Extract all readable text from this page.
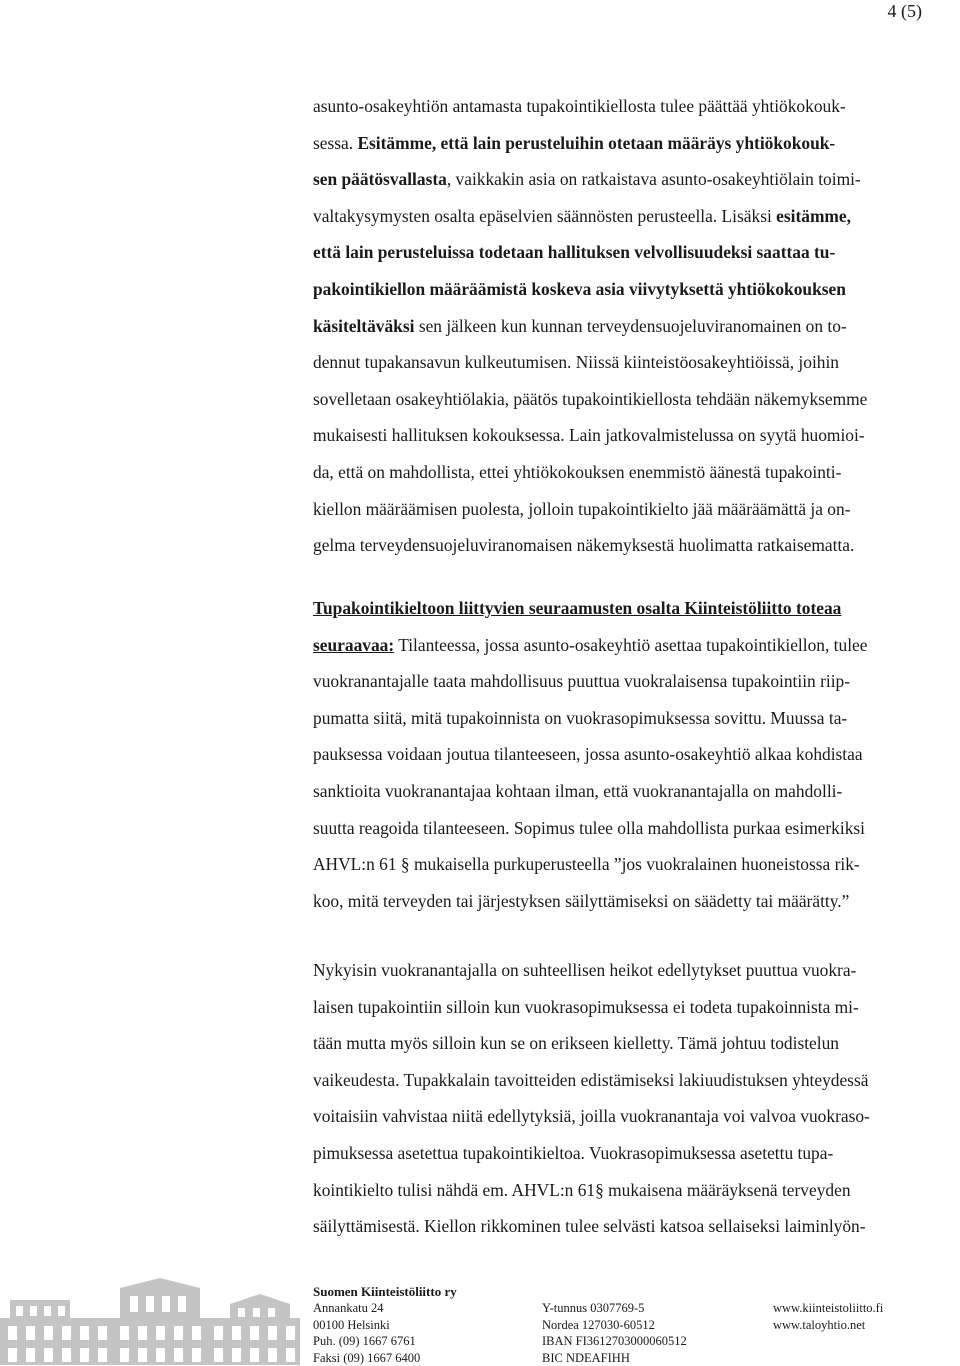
4 (5)

asunto-osakeyhtiön antamasta tupakointikiellosta tulee päättää yhtiökokouk-

sessa. Esitämme, että lain perusteluihin otetaan määräys yhtiökokouk-

sen päätösvallasta, vaikkakin asia on ratkaistava asunto-osakeyhtiölain toimi-

valtakysymysten osalta epäselvien säännösten perusteella. Lisäksi esitämme,

että lain perusteluissa todetaan hallituksen velvollisuudeksi saattaa tu-

pakointikiellon määräämistä koskeva asia viivytyksettä yhtiökokouksen

käsiteltäväksi sen jälkeen kun kunnan terveydensuojeluviranomainen on to-

dennut tupakansavun kulkeutumisen. Niissä kiinteistöosakeyhtiöissä, joihin

sovelletaan osakeyhtiölakia, päätös tupakointikiellosta tehdään näkemyksemme

mukaisesti hallituksen kokouksessa. Lain jatkovalmistelussa on syytä huomioi-

da, että on mahdollista, ettei yhtiökokouksen enemmistö äänestä tupakointi-

kiellon määräämisen puolesta, jolloin tupakointikielto jää määräämättä ja on-

gelma terveydensuojeluviranomaisen näkemyksestä huolimatta ratkaisematta.

Tupakointikieltoon liittyvien seuraamusten osalta Kiinteistöliitto toteaa

seuraavaa: Tilanteessa, jossa asunto-osakeyhtiö asettaa tupakointikiellon, tulee

vuokranantajalle taata mahdollisuus puuttua vuokralaisensa tupakointiin riip-

pumatta siitä, mitä tupakoinnista on vuokrasopimuksessa sovittu. Muussa ta-

pauksessa voidaan joutua tilanteeseen, jossa asunto-osakeyhtiö alkaa kohdistaa

sanktioita vuokranantajaa kohtaan ilman, että vuokranantajalla on mahdolli-

suutta reagoida tilanteeseen. Sopimus tulee olla mahdollista purkaa esimerkiksi

AHVL:n 61 § mukaisella purkuperusteella ”jos vuokralainen huoneistossa rik-

koo, mitä terveyden tai järjestyksen säilyttämiseksi on säädetty tai määrätty.”

Nykyisin vuokranantajalla on suhteellisen heikot edellytykset puuttua vuokra-

laisen tupakointiin silloin kun vuokrasopimuksessa ei todeta tupakoinnista mi-

tään mutta myös silloin kun se on erikseen kielletty. Tämä johtuu todistelun

vaikeudesta. Tupakkalain tavoitteiden edistämiseksi lakiuudistuksen yhteydessä

voitaisiin vahvistaa niitä edellytyksiä, joilla vuokranantaja voi valvoa vuokraso-

pimuksessa asetettua tupakointikieltoa. Vuokrasopimuksessa asetettu tupa-

kointikielto tulisi nähdä em. AHVL:n 61§ mukaisena määräyksenä terveyden

säilyttämisestä. Kiellon rikkominen tulee selvästi katsoa sellaiseksi laiminlyön-

Suomen Kiinteistöliitto ry
Annankatu 24
00100 Helsinki
Puh. (09) 1667 6761
Faksi (09) 1667 6400
Y-tunnus 0307769-5
Nordea 127030-60512
IBAN FI3612703000060512
BIC NDEAFIHH
www.kiinteistoliitto.fi
www.taloyhtio.net
